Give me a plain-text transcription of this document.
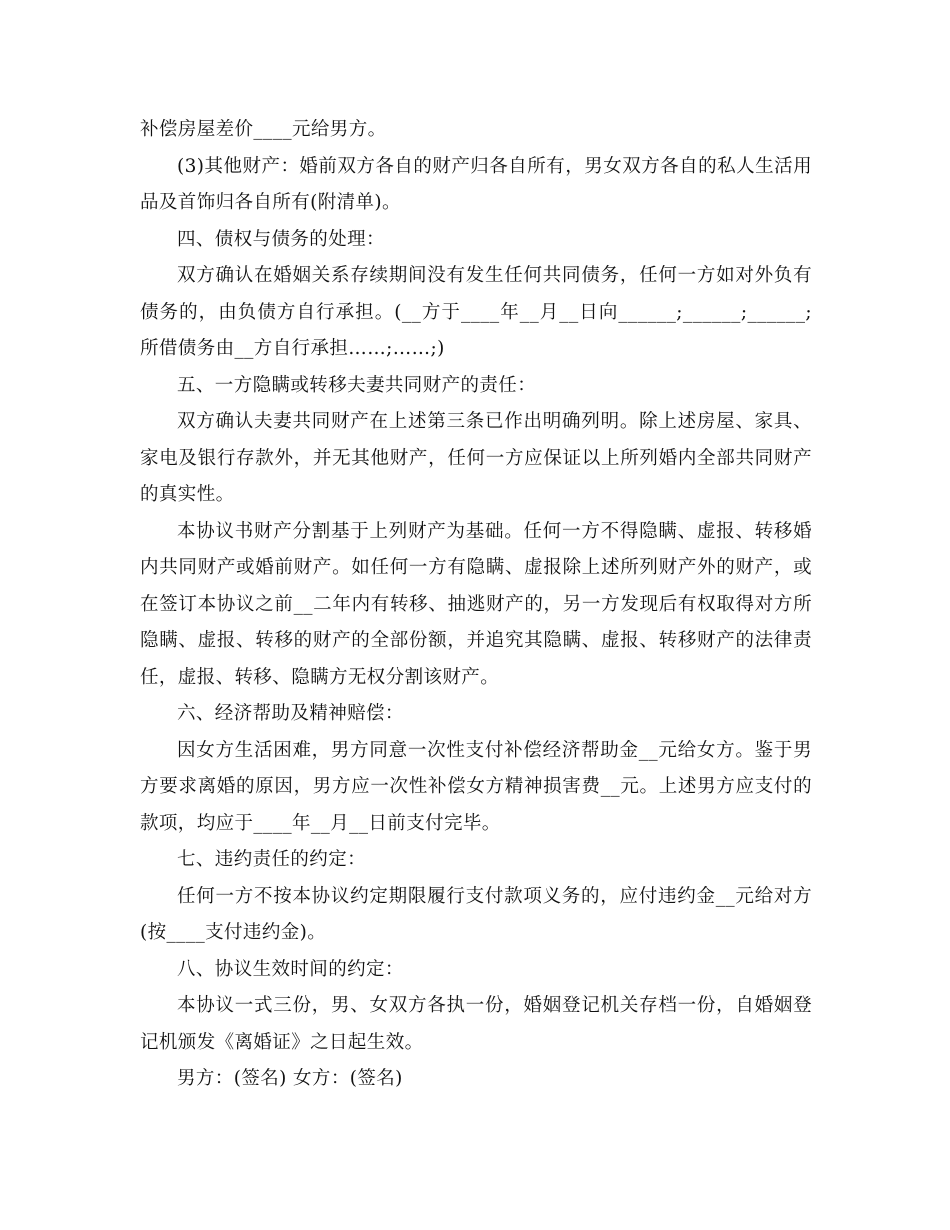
补偿房屋差价____元给男方。

(3)其他财产：婚前双方各自的财产归各自所有，男女双方各自的私人生活用品及首饰归各自所有(附清单)。

四、债权与债务的处理：

双方确认在婚姻关系存续期间没有发生任何共同债务，任何一方如对外负有债务的，由负债方自行承担。(__方于____年__月__日向______;______;______;所借债务由__方自行承担……;……;)

五、一方隐瞒或转移夫妻共同财产的责任：

双方确认夫妻共同财产在上述第三条已作出明确列明。除上述房屋、家具、家电及银行存款外，并无其他财产，任何一方应保证以上所列婚内全部共同财产的真实性。

本协议书财产分割基于上列财产为基础。任何一方不得隐瞒、虚报、转移婚内共同财产或婚前财产。如任何一方有隐瞒、虚报除上述所列财产外的财产，或在签订本协议之前__二年内有转移、抽逃财产的，另一方发现后有权取得对方所隐瞒、虚报、转移的财产的全部份额，并追究其隐瞒、虚报、转移财产的法律责任，虚报、转移、隐瞒方无权分割该财产。

六、经济帮助及精神赔偿：

因女方生活困难，男方同意一次性支付补偿经济帮助金__元给女方。鉴于男方要求离婚的原因，男方应一次性补偿女方精神损害费__元。上述男方应支付的款项，均应于____年__月__日前支付完毕。

七、违约责任的约定：

任何一方不按本协议约定期限履行支付款项义务的，应付违约金__元给对方(按____支付违约金)。

八、协议生效时间的约定：

本协议一式三份，男、女双方各执一份，婚姻登记机关存档一份，自婚姻登记机颁发《离婚证》之日起生效。

男方：(签名) 女方：(签名)
